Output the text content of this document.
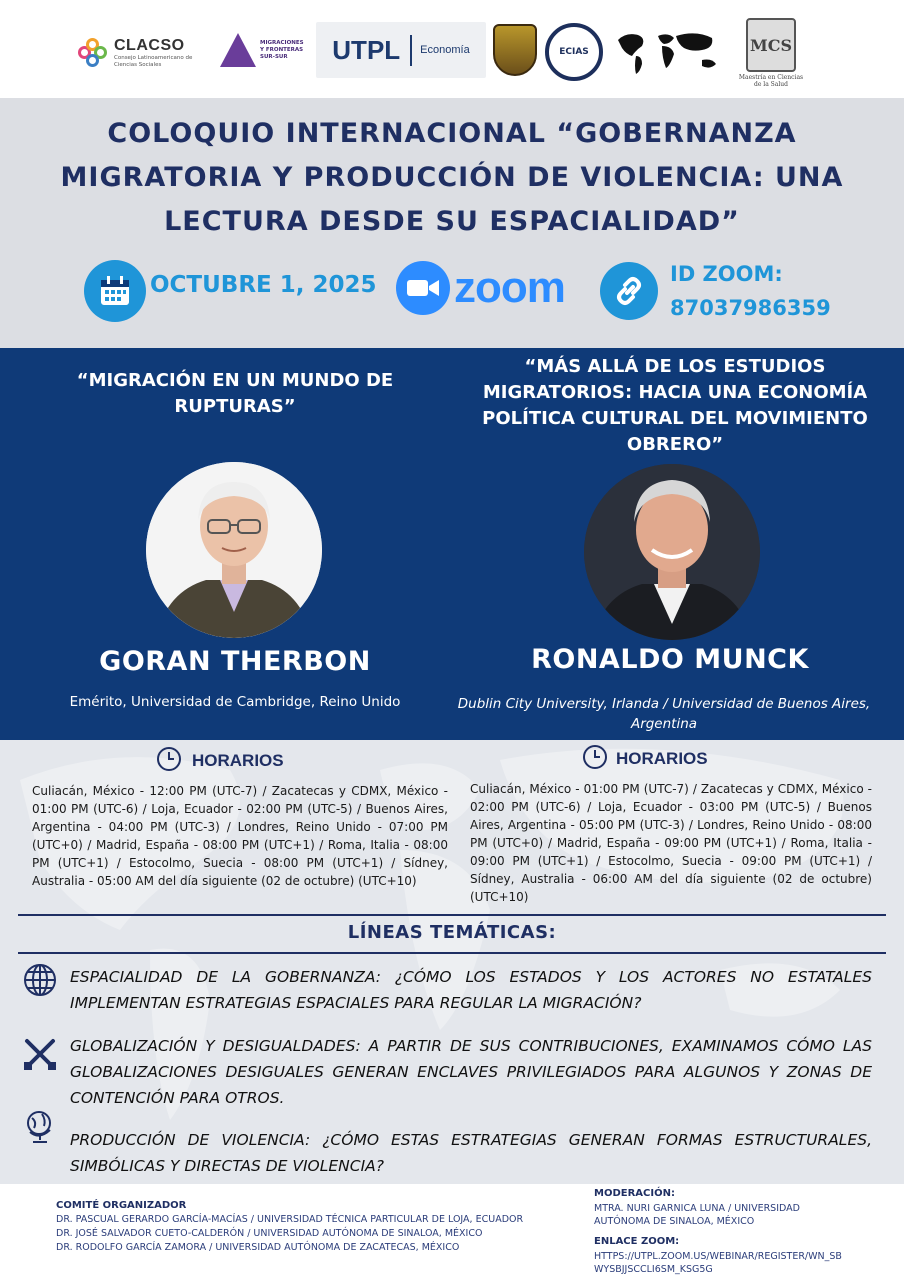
CLACSO
Consejo Latinoamericano de Ciencias Sociales
MIGRACIONES Y FRONTERAS SUR-SUR	UTPL	Economía	ECIAS	MCS
Maestría en Ciencias de la Salud
COLOQUIO INTERNACIONAL “GOBERNANZA MIGRATORIA Y PRODUCCIÓN DE VIOLENCIA: UNA LECTURA DESDE SU ESPACIALIDAD”
OCTUBRE 1, 2025 zoom	ID ZOOM:
87037986359
“MIGRACIÓN EN UN MUNDO DE RUPTURAS”
“MÁS ALLÁ DE LOS ESTUDIOS MIGRATORIOS: HACIA UNA ECONOMÍA POLÍTICA CULTURAL DEL MOVIMIENTO OBRERO”
GORAN THERBON	RONALDO MUNCK
Emérito, Universidad de Cambridge, Reino Unido	Dublin City University, Irlanda / Universidad de Buenos Aires, Argentina
HORARIOS	HORARIOS
Culiacán, México - 12:00 PM (UTC-7) / Zacatecas y CDMX, México - 01:00 PM (UTC-6) / Loja, Ecuador - 02:00 PM (UTC-5) / Buenos Aires, Argentina - 04:00 PM (UTC-3) / Londres, Reino Unido - 07:00 PM (UTC+0) / Madrid, España - 08:00 PM (UTC+1) / Roma, Italia - 08:00 PM (UTC+1) / Estocolmo, Suecia - 08:00 PM (UTC+1) / Sídney, Australia - 05:00 AM del día siguiente (02 de octubre) (UTC+10)
Culiacán, México - 01:00 PM (UTC-7) / Zacatecas y CDMX, México - 02:00 PM (UTC-6) / Loja, Ecuador - 03:00 PM (UTC-5) / Buenos Aires, Argentina - 05:00 PM (UTC-3) / Londres, Reino Unido - 08:00 PM (UTC+0) / Madrid, España - 09:00 PM (UTC+1) / Roma, Italia - 09:00 PM (UTC+1) / Estocolmo, Suecia - 09:00 PM (UTC+1) / Sídney, Australia - 06:00 AM del día siguiente (02 de octubre) (UTC+10)
LÍNEAS TEMÁTICAS:
ESPACIALIDAD DE LA GOBERNANZA: ¿CÓMO LOS ESTADOS Y LOS ACTORES NO ESTATALES IMPLEMENTAN ESTRATEGIAS ESPACIALES PARA REGULAR LA MIGRACIÓN?
GLOBALIZACIÓN Y DESIGUALDADES: A PARTIR DE SUS CONTRIBUCIONES, EXAMINAMOS CÓMO LAS GLOBALIZACIONES DESIGUALES GENERAN ENCLAVES PRIVILEGIADOS PARA ALGUNOS Y ZONAS DE CONTENCIÓN PARA OTROS.
PRODUCCIÓN DE VIOLENCIA: ¿CÓMO ESTAS ESTRATEGIAS GENERAN FORMAS ESTRUCTURALES, SIMBÓLICAS Y DIRECTAS DE VIOLENCIA?
COMITÉ ORGANIZADOR
DR. PASCUAL GERARDO GARCÍA-MACÍAS / UNIVERSIDAD TÉCNICA PARTICULAR DE LOJA, ECUADOR
DR. JOSÉ SALVADOR CUETO-CALDERÓN / UNIVERSIDAD AUTÓNOMA DE SINALOA, MÉXICO
DR. RODOLFO GARCÍA ZAMORA / UNIVERSIDAD AUTÓNOMA DE ZACATECAS, MÉXICO
MODERACIÓN:
MTRA. NURI GARNICA LUNA / UNIVERSIDAD
AUTÓNOMA DE SINALOA, MÉXICO
ENLACE ZOOM:
HTTPS://UTPL.ZOOM.US/WEBINAR/REGISTER/WN_SB
WYSBJJSCCLI6SM_KSG5G
